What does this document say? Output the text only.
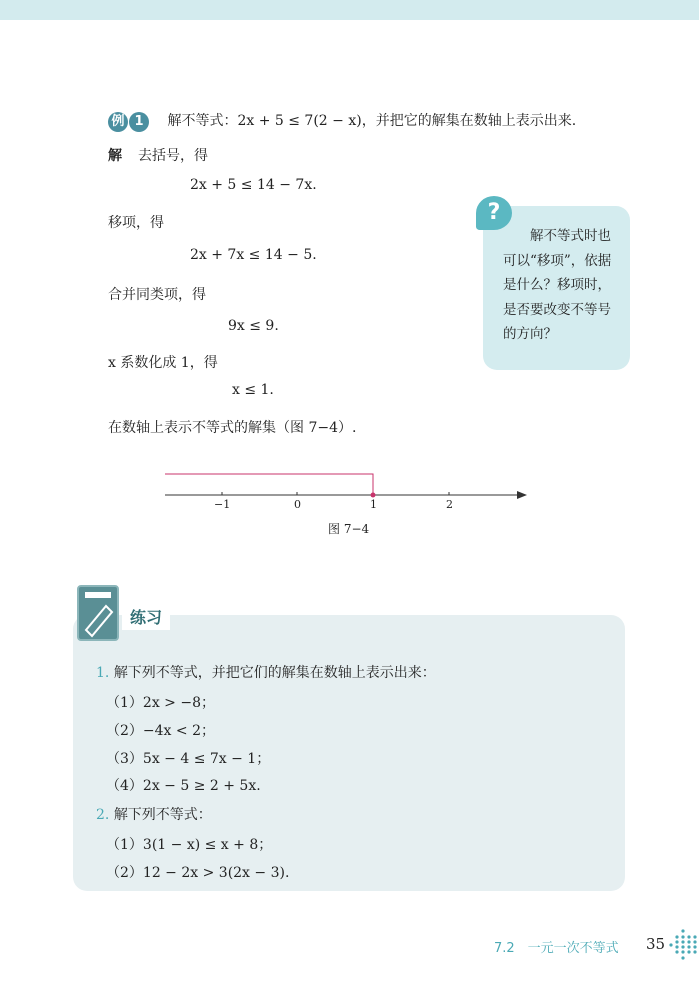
例 1 解不等式：2x + 5 ≤ 7(2 − x)，并把它的解集在数轴上表示出来.
解 去括号，得
2x + 5 ≤ 14 − 7x.
移项，得
2x + 7x ≤ 14 − 5.
合并同类项，得
9x ≤ 9.
x 系数化成 1，得
x ≤ 1.
在数轴上表示不等式的解集（图 7−4）.

解不等式时也可以“移项”，依据是什么？移项时，是否要改变不等号的方向？

?
−1	0	1	2
图 7−4
练习
1. 解下列不等式，并把它们的解集在数轴上表示出来：
（1）2x > −8；
（2）−4x < 2；
（3）5x − 4 ≤ 7x − 1；
（4）2x − 5 ≥ 2 + 5x.
2. 解下列不等式：
（1）3(1 − x) ≤ x + 8；
（2）12 − 2x > 3(2x − 3).
7.2　一元一次不等式 35
